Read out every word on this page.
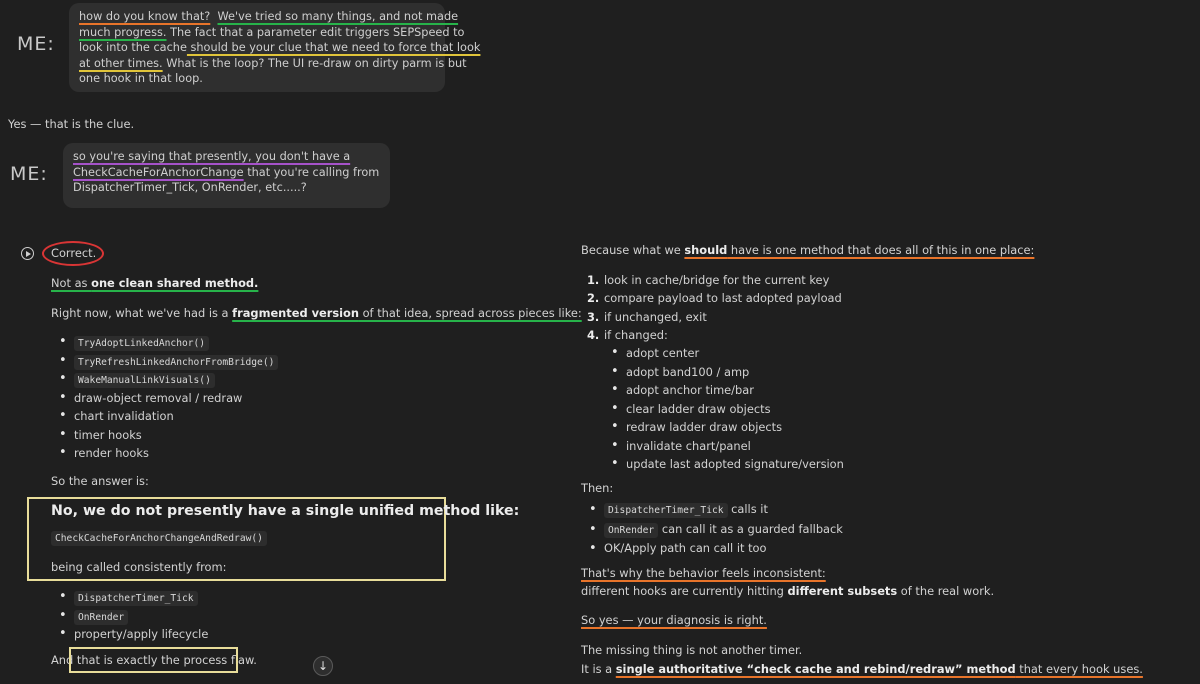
ME:
how do you know that? We've tried so many things, and not made
much progress. The fact that a parameter edit triggers SEPSpeed to
look into the cache should be your clue that we need to force that look
at other times. What is the loop? The UI re-draw on dirty parm is but
one hook in that loop.
Yes — that is the clue.
ME:
so you're saying that presently, you don't have a
CheckCacheForAnchorChange that you're calling from
DispatcherTimer_Tick, OnRender, etc.....?
Correct.
Not as one clean shared method.
Right now, what we've had is a fragmented version of that idea, spread across pieces like:
• TryAdoptLinkedAnchor()
• TryRefreshLinkedAnchorFromBridge()
• WakeManualLinkVisuals()
• draw-object removal / redraw
• chart invalidation
• timer hooks
• render hooks
So the answer is:
No, we do not presently have a single unified method like:
CheckCacheForAnchorChangeAndRedraw()
being called consistently from:
• DispatcherTimer_Tick
• OnRender
• property/apply lifecycle
And that is exactly the process flaw.	↓
Because what we should have is one method that does all of this in one place:
1. look in cache/bridge for the current key
2. compare payload to last adopted payload
3. if unchanged, exit
4. if changed:
• adopt center
• adopt band100 / amp
• adopt anchor time/bar
• clear ladder draw objects
• redraw ladder draw objects
• invalidate chart/panel
• update last adopted signature/version
Then:
• DispatcherTimer_Tick calls it
• OnRender can call it as a guarded fallback
• OK/Apply path can call it too
That's why the behavior feels inconsistent:
different hooks are currently hitting different subsets of the real work.
So yes — your diagnosis is right.
The missing thing is not another timer.
It is a single authoritative “check cache and rebind/redraw” method that every hook uses.
